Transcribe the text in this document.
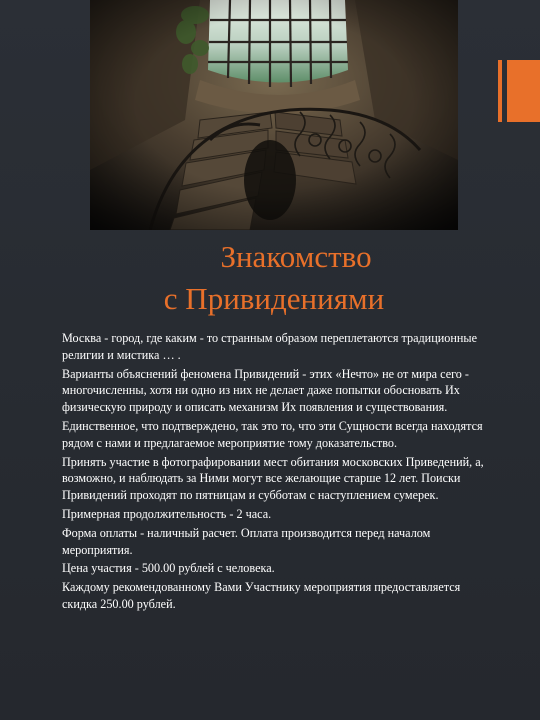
Знакомство
с Привидениями

Москва - город, где каким - то странным образом переплетаются традиционные религии и мистика … .

Варианты объяснений феномена Привидений - этих «Нечто» не от мира сего - многочисленны, хотя ни одно из них не делает даже попытки обосновать Их физическую природу и описать механизм Их появления и существования.

Единственное, что подтверждено, так это то, что эти Сущности всегда находятся рядом с нами и предлагаемое мероприятие тому доказательство.

Принять участие в фотографировании мест обитания московских Приведений, а, возможно, и наблюдать за Ними могут все желающие старше 12 лет. Поиски Привидений проходят по пятницам и субботам с наступлением сумерек.

Примерная продолжительность - 2 часа.

Форма оплаты - наличный расчет. Оплата производится перед началом мероприятия.

Цена участия - 500.00 рублей с человека.

Каждому рекомендованному Вами Участнику мероприятия предоставляется скидка 250.00 рублей.
